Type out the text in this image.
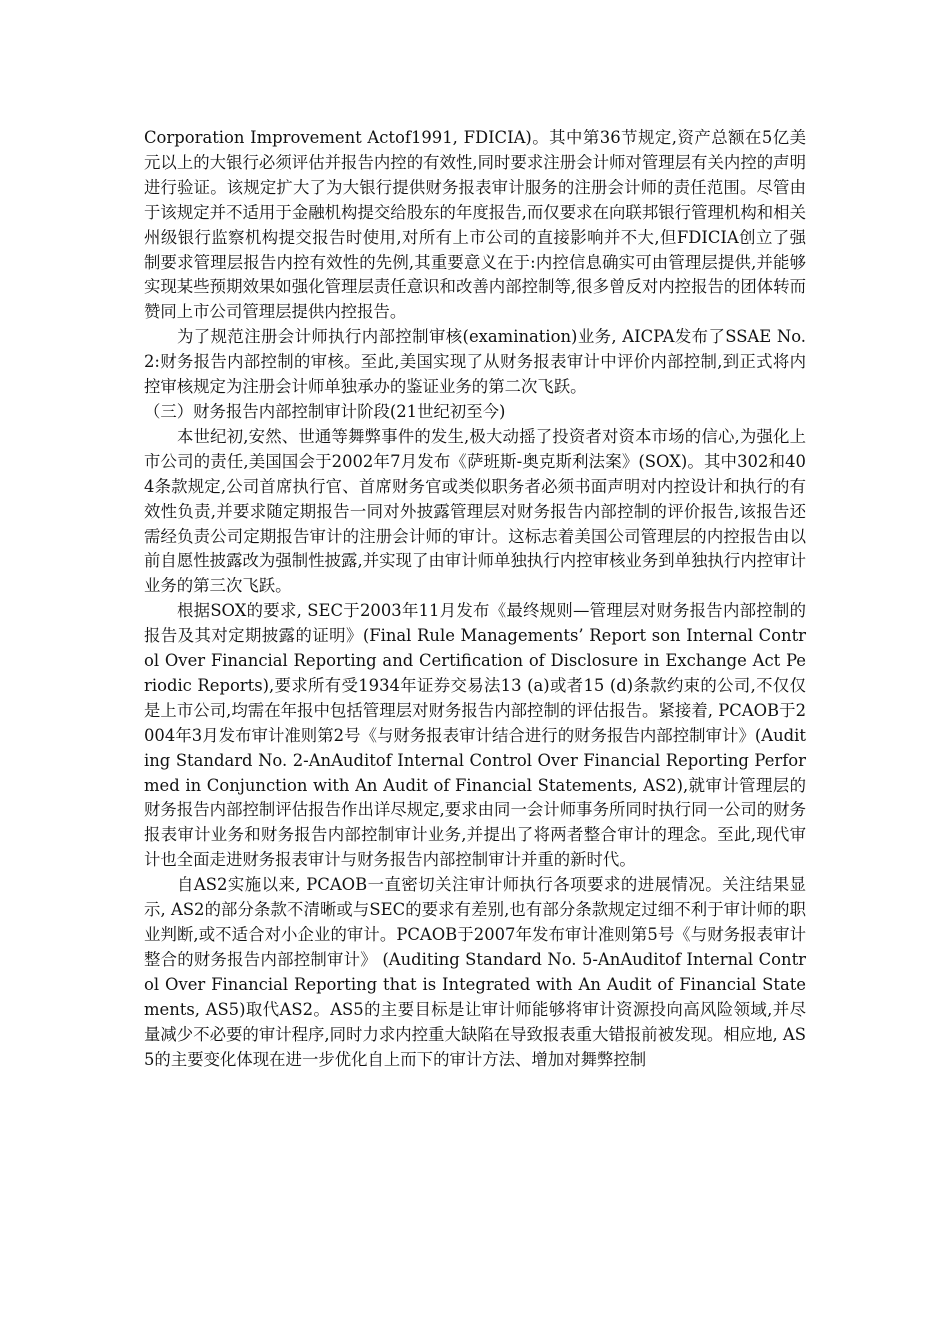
Corporation Improvement Actof1991, FDICIA)。其中第36节规定,资产总额在5亿美元以上的大银行必须评估并报告内控的有效性,同时要求注册会计师对管理层有关内控的声明进行验证。该规定扩大了为大银行提供财务报表审计服务的注册会计师的责任范围。尽管由于该规定并不适用于金融机构提交给股东的年度报告,而仅要求在向联邦银行管理机构和相关州级银行监察机构提交报告时使用,对所有上市公司的直接影响并不大,但FDICIA创立了强制要求管理层报告内控有效性的先例,其重要意义在于:内控信息确实可由管理层提供,并能够实现某些预期效果如强化管理层责任意识和改善内部控制等,很多曾反对内控报告的团体转而赞同上市公司管理层提供内控报告。

为了规范注册会计师执行内部控制审核(examination)业务, AICPA发布了SSAE No. 2:财务报告内部控制的审核。至此,美国实现了从财务报表审计中评价内部控制,到正式将内控审核规定为注册会计师单独承办的鉴证业务的第二次飞跃。

（三）财务报告内部控制审计阶段(21世纪初至今)

本世纪初,安然、世通等舞弊事件的发生,极大动摇了投资者对资本市场的信心,为强化上市公司的责任,美国国会于2002年7月发布《萨班斯-奥克斯利法案》(SOX)。其中302和404条款规定,公司首席执行官、首席财务官或类似职务者必须书面声明对内控设计和执行的有效性负责,并要求随定期报告一同对外披露管理层对财务报告内部控制的评价报告,该报告还需经负责公司定期报告审计的注册会计师的审计。这标志着美国公司管理层的内控报告由以前自愿性披露改为强制性披露,并实现了由审计师单独执行内控审核业务到单独执行内控审计业务的第三次飞跃。

根据SOX的要求, SEC于2003年11月发布《最终规则—管理层对财务报告内部控制的报告及其对定期披露的证明》(Final Rule Managements’ Report son Internal Control Over Financial Reporting and Certification of Disclosure in Exchange Act Periodic Reports),要求所有受1934年证券交易法13 (a)或者15 (d)条款约束的公司,不仅仅是上市公司,均需在年报中包括管理层对财务报告内部控制的评估报告。紧接着, PCAOB于2004年3月发布审计准则第2号《与财务报表审计结合进行的财务报告内部控制审计》(Auditing Standard No. 2-AnAuditof Internal Control Over Financial Reporting Performed in Conjunction with An Audit of Financial Statements, AS2),就审计管理层的财务报告内部控制评估报告作出详尽规定,要求由同一会计师事务所同时执行同一公司的财务报表审计业务和财务报告内部控制审计业务,并提出了将两者整合审计的理念。至此,现代审计也全面走进财务报表审计与财务报告内部控制审计并重的新时代。

自AS2实施以来, PCAOB一直密切关注审计师执行各项要求的进展情况。关注结果显示, AS2的部分条款不清晰或与SEC的要求有差别,也有部分条款规定过细不利于审计师的职业判断,或不适合对小企业的审计。PCAOB于2007年发布审计准则第5号《与财务报表审计整合的财务报告内部控制审计》 (Auditing Standard No. 5-AnAuditof Internal Control Over Financial Reporting that is Integrated with An Audit of Financial Statements, AS5)取代AS2。AS5的主要目标是让审计师能够将审计资源投向高风险领域,并尽量减少不必要的审计程序,同时力求内控重大缺陷在导致报表重大错报前被发现。相应地, AS5的主要变化体现在进一步优化自上而下的审计方法、增加对舞弊控制
